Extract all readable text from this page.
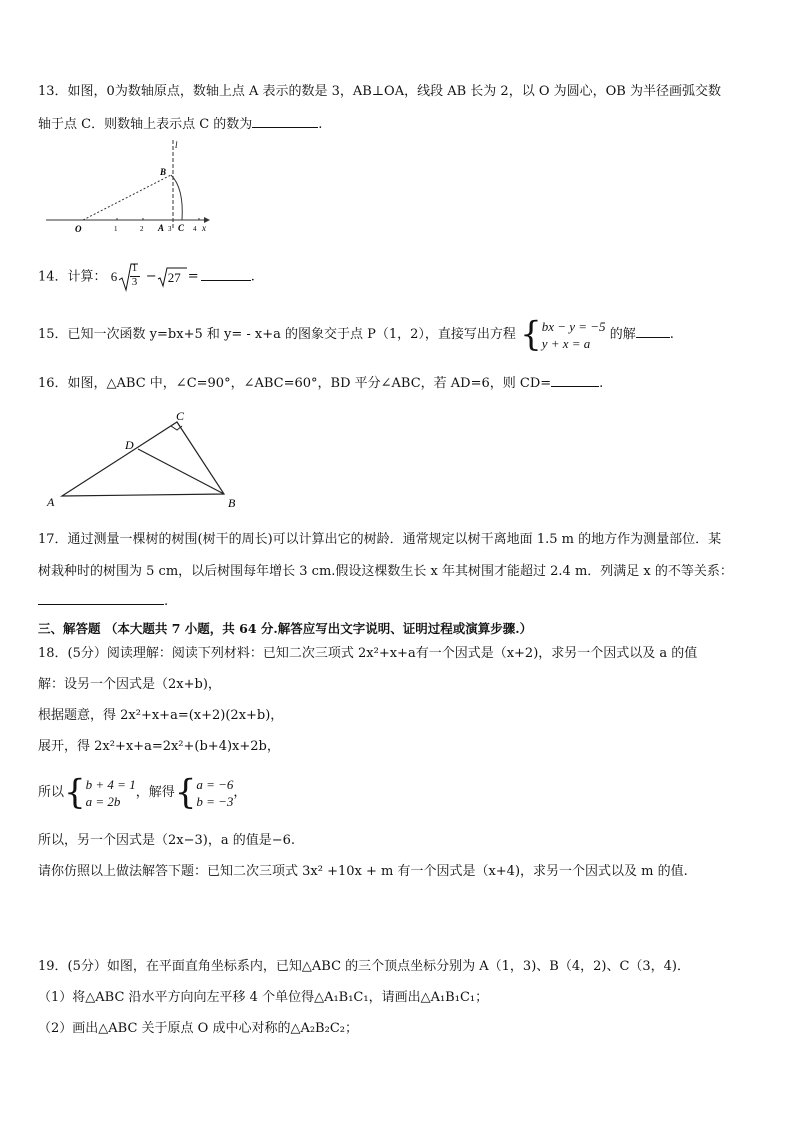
13．如图，0为数轴原点，数轴上点 A 表示的数是 3，AB⊥OA，线段 AB 长为 2，以 O 为圆心，OB 为半径画弧交数
轴于点 C．则数轴上表示点 C 的数为	.
l
B
O	1	2 A 3 C 4 x
14．计算： 6
1
3 − 27 =	.
15．已知一次函数 y=bx+5 和 y= - x+a 的图象交于点 P（1，2），直接写出方程 {bx − y = −5
y + x = a 的解	.
16．如图，△ABC 中，∠C=90°，∠ABC=60°，BD 平分∠ABC，若 AD=6，则 CD=	.
A	B
C
D
17．通过测量一棵树的树围(树干的周长)可以计算出它的树龄．通常规定以树干离地面 1.5 m 的地方作为测量部位．某
树栽种时的树围为 5 cm，以后树围每年增长 3 cm.假设这棵数生长 x 年其树围才能超过 2.4 m．列满足 x 的不等关系：
.
三、解答题 （本大题共 7 小题，共 64 分.解答应写出文字说明、证明过程或演算步骤.）
18．(5分）阅读理解：阅读下列材料：已知二次三项式 2x²+x+a有一个因式是（x+2)，求另一个因式以及 a 的值
解：设另一个因式是（2x+b)，
根据题意，得 2x²+x+a=(x+2)(2x+b)，
展开，得 2x²+x+a=2x²+(b+4)x+2b，
所以{b + 4 = 1
a = 2b，解得{a = −6
b = −3，
所以，另一个因式是（2x−3)，a 的值是−6.
请你仿照以上做法解答下题：已知二次三项式 3x² +10x + m 有一个因式是（x+4)，求另一个因式以及 m 的值.
19．(5分）如图，在平面直角坐标系内，已知△ABC 的三个顶点坐标分别为 A（1，3)、B（4，2)、C（3，4)．
（1）将△ABC 沿水平方向向左平移 4 个单位得△A₁B₁C₁，请画出△A₁B₁C₁；
（2）画出△ABC 关于原点 O 成中心对称的△A₂B₂C₂；
